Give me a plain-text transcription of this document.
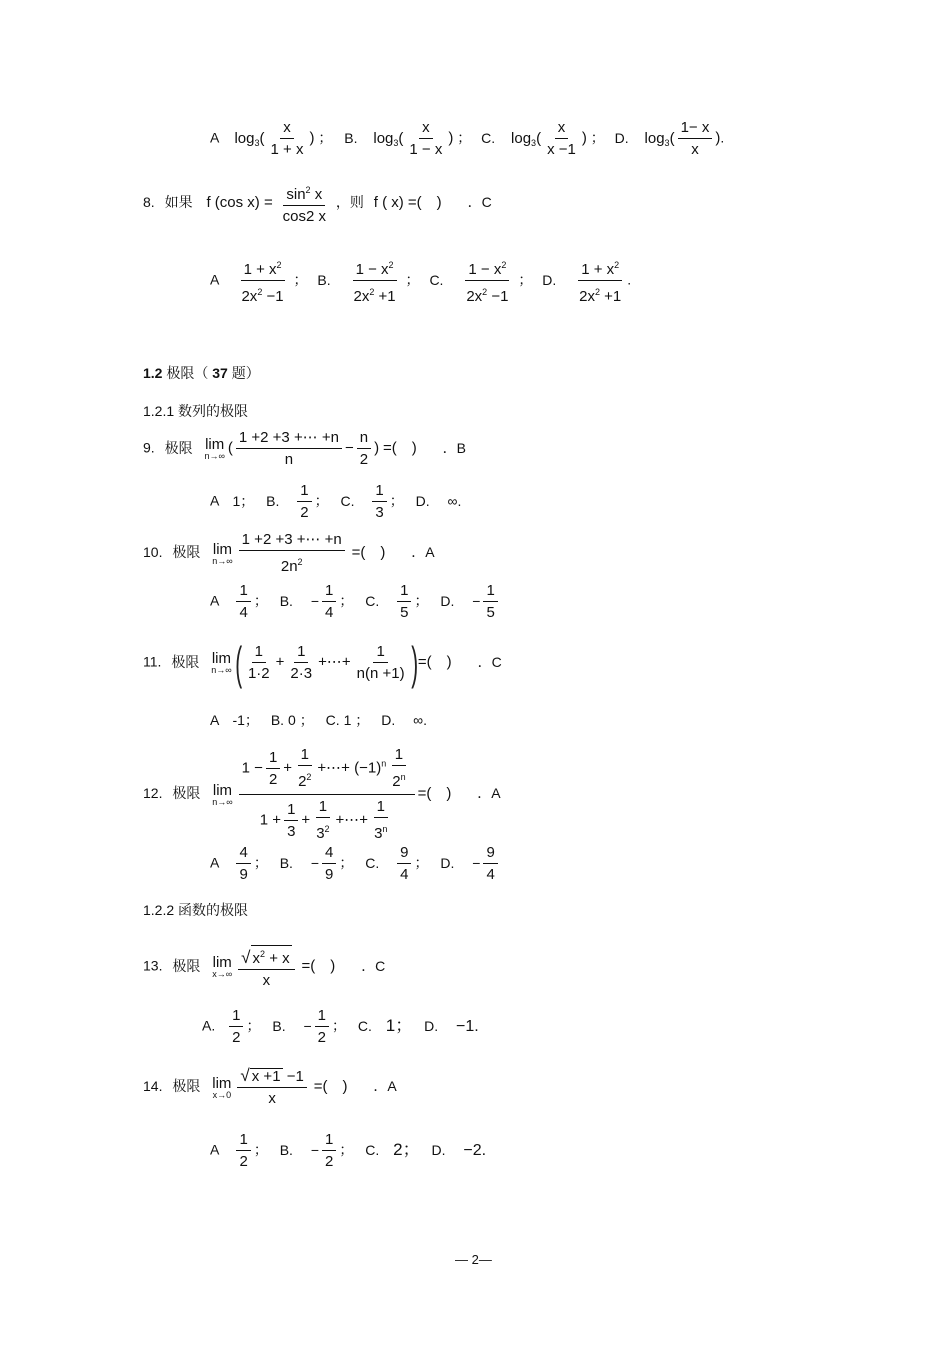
A $\log_3( \frac{x}{1 + x}$ ) ； B. $\log_3( \frac{x}{1 - x}$ ) ； C. $\log_3( \frac{x}{x -1}$ ) ； D. $\log_3( \frac{1- x}{x}$ ).
8. 如果 f (cos $x) = \frac{\sin^2 x}{\cos 2 x}$ ，则 f ( x) =(　) ．C
A $\frac{1 + x^2}{2x^2 -1}$ ； B. $\frac{1 - x^2}{2x^2 +1}$ ； C. $\frac{1 - x^2}{2x^2 -1}$ ； D. $\frac{1 + x^2}{2x^2 +1}$ .
1.2 极限（ 37 题）
1.2.1 数列的极限
9. 极限 lim
n→∞ ( $\frac{1 +2 +3 +\cdots +n}{n} - \frac{n}{2}$ ) =(　) ．B
A 1； B. $\frac{1}{2}$ ； C. $\frac{1}{3}$ ； D. ∞.
10. 极限 lim
$n\to\infty \frac{1 +2 +3 +\cdots +n}{2n^2}$ =(　) ．A
A $\frac{1}{4}$ ； B. − $\frac{1}{4}$ ； C. $\frac{1}{5}$ ； D. − $\frac{1}{5}$
11. 极限 lim
n→∞ ( $\frac{1}{1\cdot 2} + \frac{1}{2\cdot 3}$ +⋯+ $\frac{1}{n(n +1)}$ )=(　) ．C
A -1； B. 0 ； C. 1 ； D. ∞.
12. 极限 lim
$n\to\infty \frac{1 - \frac{1}{2} + \frac{1}{2^2} +\cdots+ (-1)^n \frac{1}{2^n}}{1 + \frac{1}{3} + \frac{1}{3^2} +\cdots+ \frac{1}{3^n}}$ =(　) ．A
A $\frac{4}{9}$ ； B. − $\frac{4}{9}$ ； C. $\frac{9}{4}$ ； D. − $\frac{9}{4}$
1.2.2 函数的极限
13. 极限 lim
$x\to\infty \frac{√ x^2 + x}{x}$ =(　) ．C
A. $\frac{1}{2}$ ； B. − $\frac{1}{2}$ ； C. 1； D. −1.
14. 极限 lim
$x\to 0 \frac{√ x +1 -1}{x}$ =(　) ．A
A $\frac{1}{2}$ ； B. − $\frac{1}{2}$ ； C. 2； D. −2.
— 2—
